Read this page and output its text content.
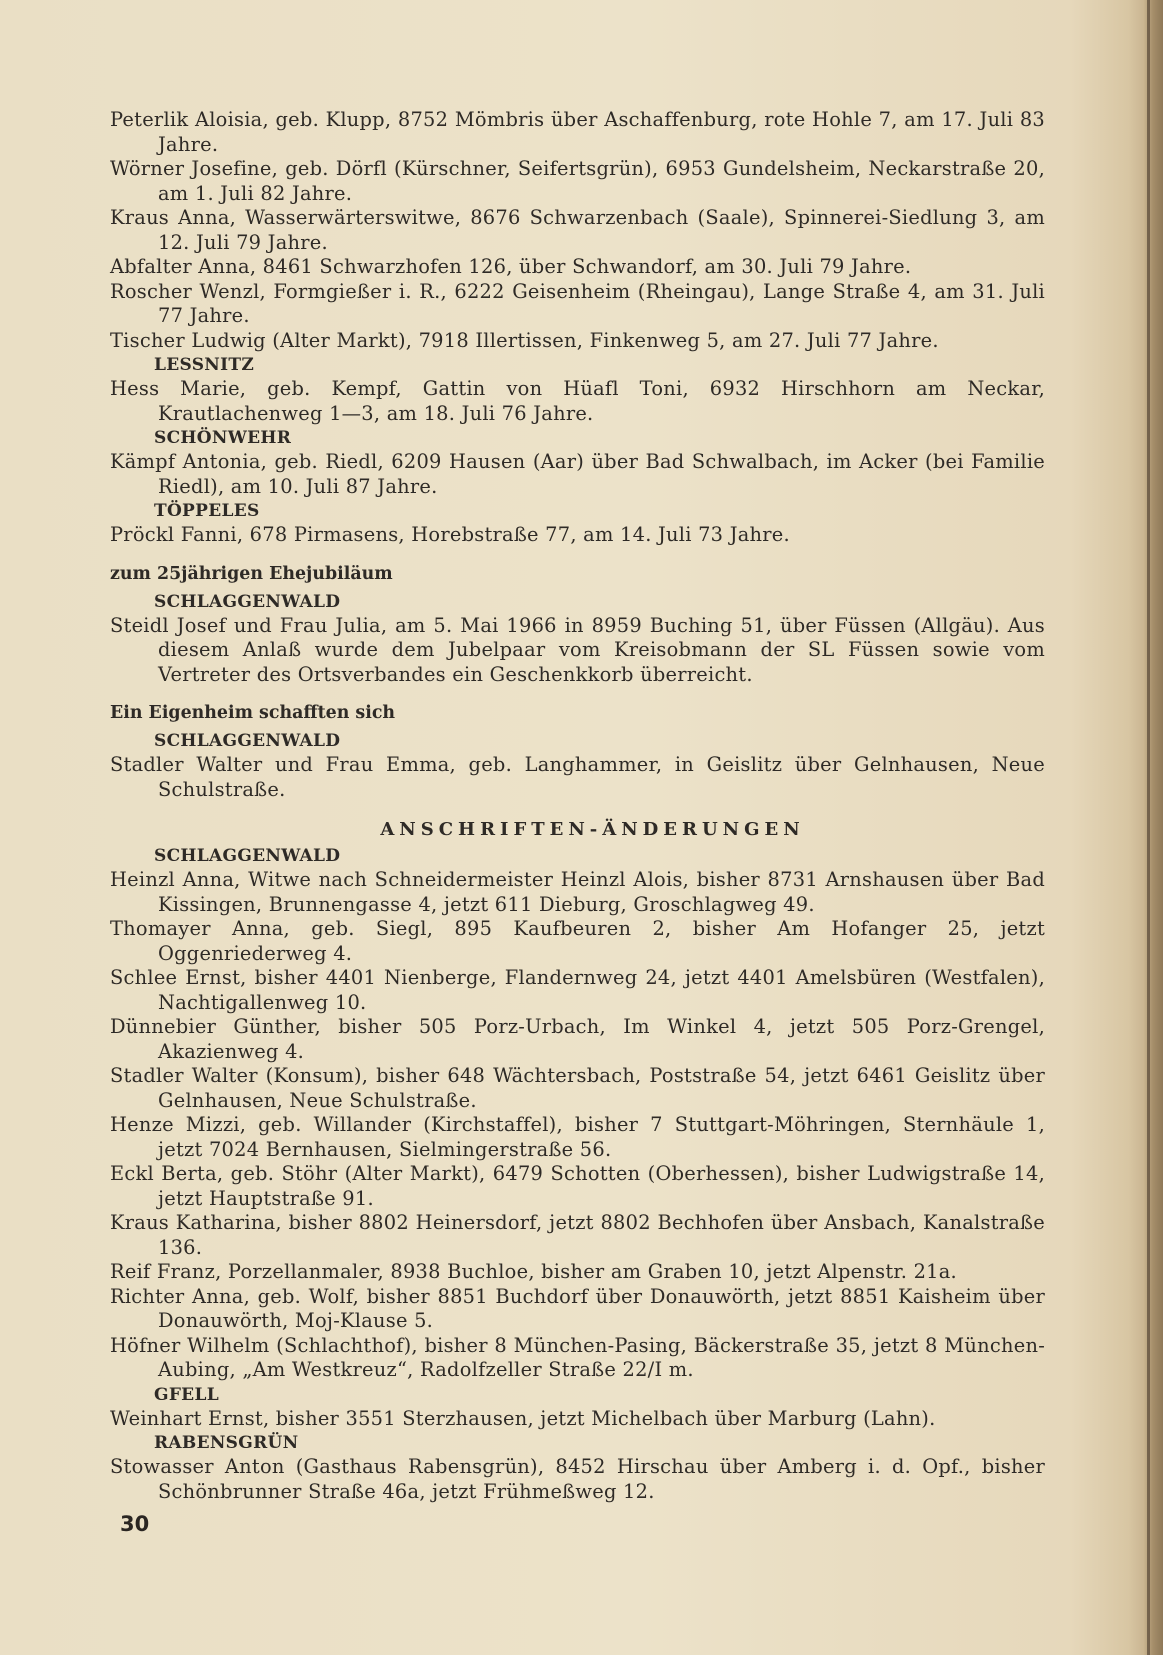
Peterlik Aloisia, geb. Klupp, 8752 Mömbris über Aschaffenburg, rote Hohle 7, am 17. Juli 83 Jahre.

Wörner Josefine, geb. Dörfl (Kürschner, Seifertsgrün), 6953 Gundelsheim, Neckarstraße 20, am 1. Juli 82 Jahre.

Kraus Anna, Wasserwärterswitwe, 8676 Schwarzenbach (Saale), Spinnerei-Siedlung 3, am 12. Juli 79 Jahre.

Abfalter Anna, 8461 Schwarzhofen 126, über Schwandorf, am 30. Juli 79 Jahre.

Roscher Wenzl, Formgießer i. R., 6222 Geisenheim (Rheingau), Lange Straße 4, am 31. Juli 77 Jahre.

Tischer Ludwig (Alter Markt), 7918 Illertissen, Finkenweg 5, am 27. Juli 77 Jahre.

LESSNITZ

Hess Marie, geb. Kempf, Gattin von Hüafl Toni, 6932 Hirschhorn am Neckar, Krautlachenweg 1—3, am 18. Juli 76 Jahre.

SCHÖNWEHR

Kämpf Antonia, geb. Riedl, 6209 Hausen (Aar) über Bad Schwalbach, im Acker (bei Familie Riedl), am 10. Juli 87 Jahre.

TÖPPELES

Pröckl Fanni, 678 Pirmasens, Horebstraße 77, am 14. Juli 73 Jahre.

zum 25jährigen Ehejubiläum
SCHLAGGENWALD

Steidl Josef und Frau Julia, am 5. Mai 1966 in 8959 Buching 51, über Füssen (Allgäu). Aus diesem Anlaß wurde dem Jubelpaar vom Kreisobmann der SL Füssen sowie vom Vertreter des Ortsverbandes ein Geschenkkorb überreicht.

Ein Eigenheim schafften sich
SCHLAGGENWALD

Stadler Walter und Frau Emma, geb. Langhammer, in Geislitz über Gelnhausen, Neue Schulstraße.

ANSCHRIFTEN-ÄNDERUNGEN
SCHLAGGENWALD

Heinzl Anna, Witwe nach Schneidermeister Heinzl Alois, bisher 8731 Arnshausen über Bad Kissingen, Brunnengasse 4, jetzt 611 Dieburg, Groschlagweg 49.

Thomayer Anna, geb. Siegl, 895 Kaufbeuren 2, bisher Am Hofanger 25, jetzt Oggenriederweg 4.

Schlee Ernst, bisher 4401 Nienberge, Flandernweg 24, jetzt 4401 Amelsbüren (Westfalen), Nachtigallenweg 10.

Dünnebier Günther, bisher 505 Porz-Urbach, Im Winkel 4, jetzt 505 Porz-Grengel, Akazienweg 4.

Stadler Walter (Konsum), bisher 648 Wächtersbach, Poststraße 54, jetzt 6461 Geislitz über Gelnhausen, Neue Schulstraße.

Henze Mizzi, geb. Willander (Kirchstaffel), bisher 7 Stuttgart-Möhringen, Sternhäule 1, jetzt 7024 Bernhausen, Sielmingerstraße 56.

Eckl Berta, geb. Stöhr (Alter Markt), 6479 Schotten (Oberhessen), bisher Ludwigstraße 14, jetzt Hauptstraße 91.

Kraus Katharina, bisher 8802 Heinersdorf, jetzt 8802 Bechhofen über Ansbach, Kanalstraße 136.

Reif Franz, Porzellanmaler, 8938 Buchloe, bisher am Graben 10, jetzt Alpenstr. 21a.

Richter Anna, geb. Wolf, bisher 8851 Buchdorf über Donauwörth, jetzt 8851 Kaisheim über Donauwörth, Moj-Klause 5.

Höfner Wilhelm (Schlachthof), bisher 8 München-Pasing, Bäckerstraße 35, jetzt 8 München-Aubing, „Am Westkreuz“, Radolfzeller Straße 22/I m.

GFELL

Weinhart Ernst, bisher 3551 Sterzhausen, jetzt Michelbach über Marburg (Lahn).

RABENSGRÜN

Stowasser Anton (Gasthaus Rabensgrün), 8452 Hirschau über Amberg i. d. Opf., bisher Schönbrunner Straße 46a, jetzt Frühmeßweg 12.

30
